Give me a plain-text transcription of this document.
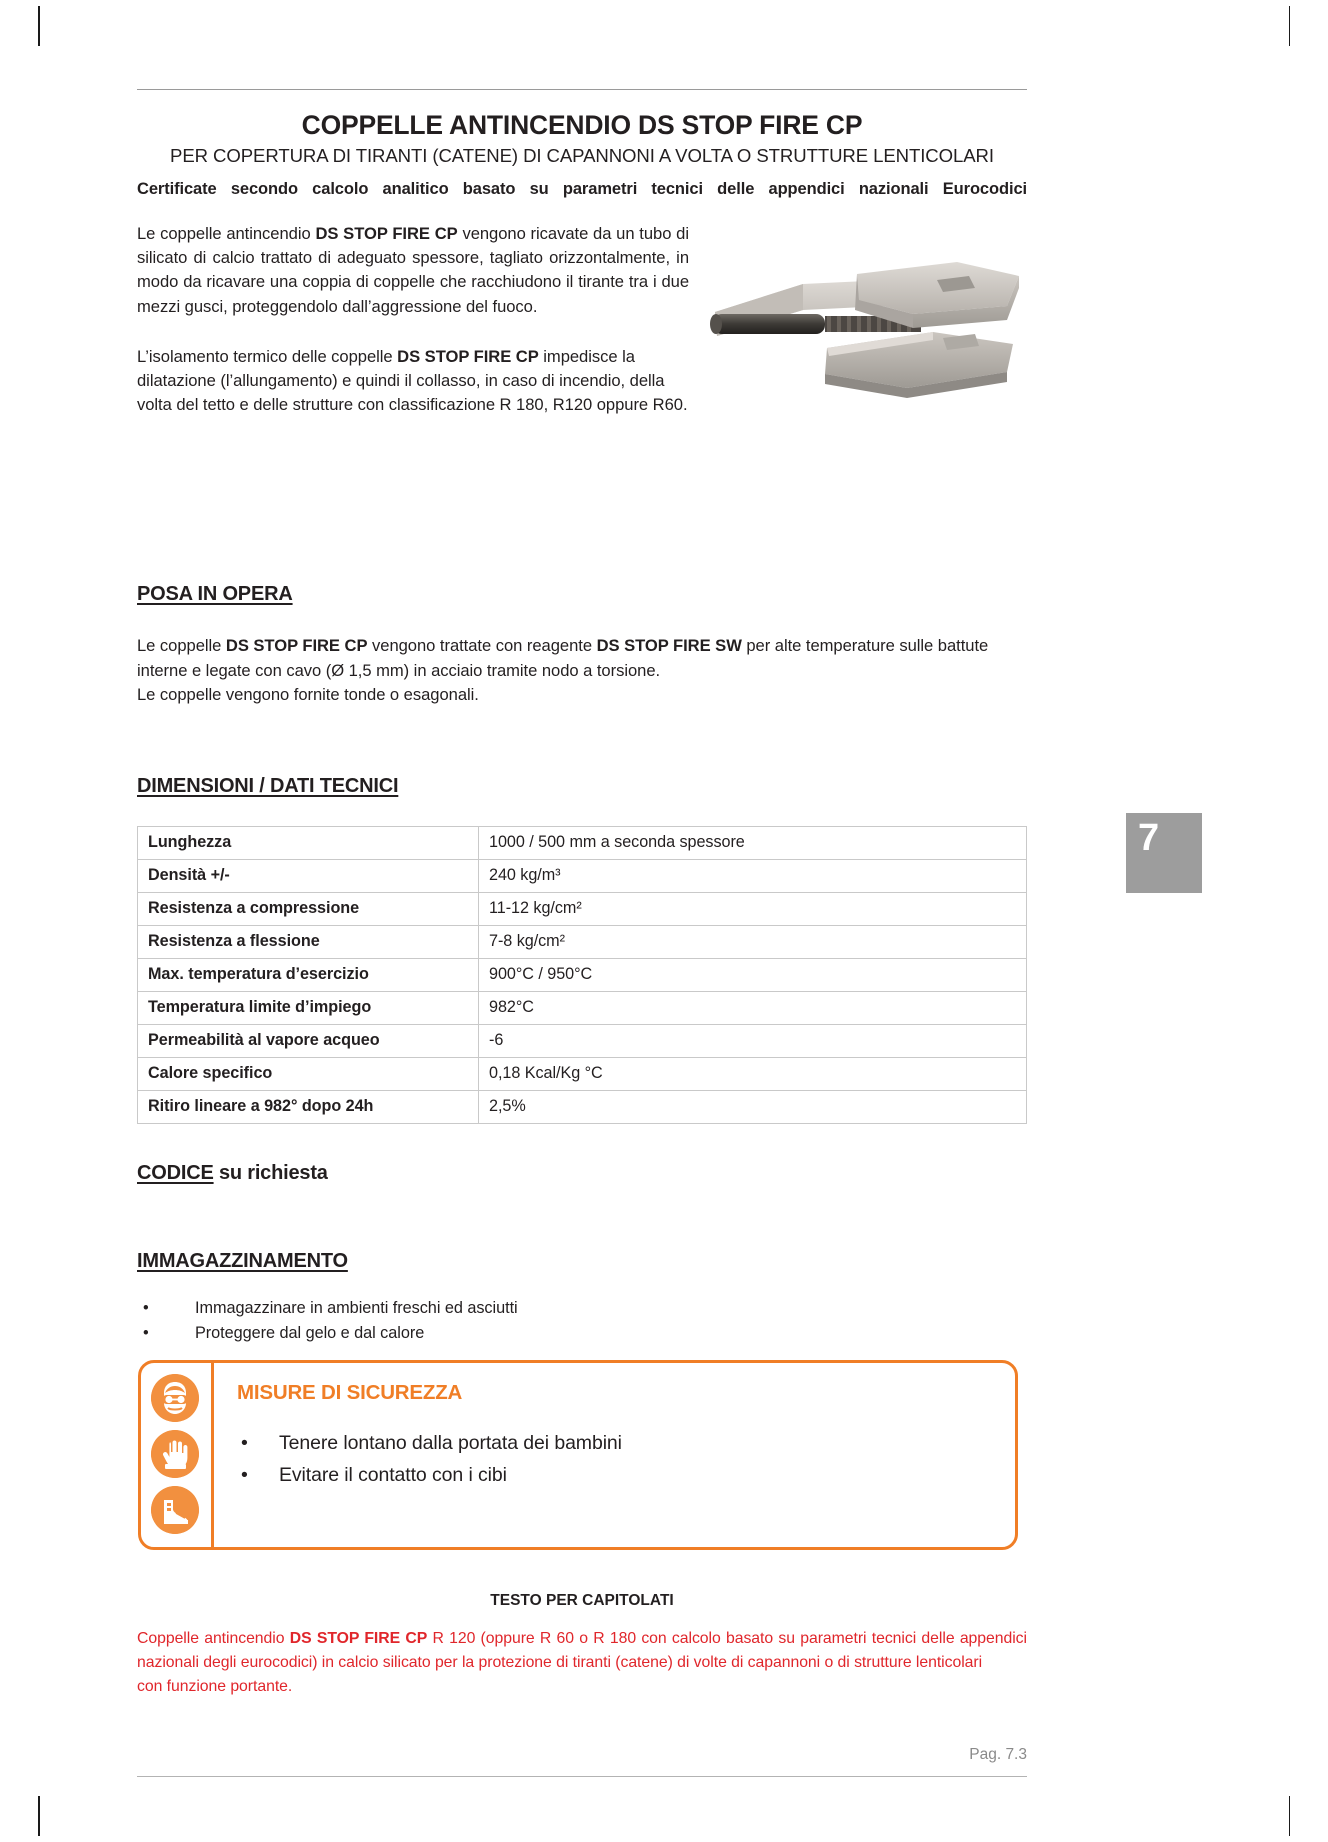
7
COPPELLE ANTINCENDIO DS STOP FIRE CP
PER COPERTURA DI TIRANTI (CATENE) DI CAPANNONI A VOLTA O STRUTTURE LENTICOLARI
Certificate secondo calcolo analitico basato su parametri tecnici delle appendici nazionali Eurocodici

Le coppelle antincendio DS STOP FIRE CP vengono ricavate da un tubo di silicato di calcio trattato di adeguato spessore, tagliato orizzontalmente, in modo da ricavare una coppia di coppelle che racchiudono il tirante tra i due mezzi gusci, proteggendolo dall’aggressione del fuoco.

L’isolamento termico delle coppelle DS STOP FIRE CP impedisce la dilatazione (l’allungamento) e quindi il collasso, in caso di incendio, della volta del tetto e delle strutture con classificazione R 180, R120 oppure R60.

POSA IN OPERA
Le coppelle DS STOP FIRE CP vengono trattate con reagente DS STOP FIRE SW per alte temperature sulle battute interne e legate con cavo (Ø 1,5 mm) in acciaio tramite nodo a torsione.
Le coppelle vengono fornite tonde o esagonali.
DIMENSIONI / DATI TECNICI
Lunghezza	1000 / 500 mm a seconda spessore
Densità +/-	240 kg/m³
Resistenza a compressione	11-12 kg/cm²
Resistenza a flessione	7-8 kg/cm²
Max. temperatura d’esercizio	900°C / 950°C
Temperatura limite d’impiego	982°C
Permeabilità al vapore acqueo	-6
Calore specifico	0,18 Kcal/Kg °C
Ritiro lineare a 982° dopo 24h	2,5%
CODICE su richiesta
IMMAGAZZINAMENTO
•	Immagazzinare in ambienti freschi ed asciutti
•	Proteggere dal gelo e dal calore
MISURE DI SICUREZZA
• Tenere lontano dalla portata dei bambini
• Evitare il contatto con i cibi
TESTO PER CAPITOLATI
Coppelle antincendio DS STOP FIRE CP R 120 (oppure R 60 o R 180 con calcolo basato su parametri tecnici delle appendici nazionali degli eurocodici) in calcio silicato per la protezione di tiranti (catene) di volte di capannoni o di strutture lenticolari
con funzione portante.
Pag. 7.3
